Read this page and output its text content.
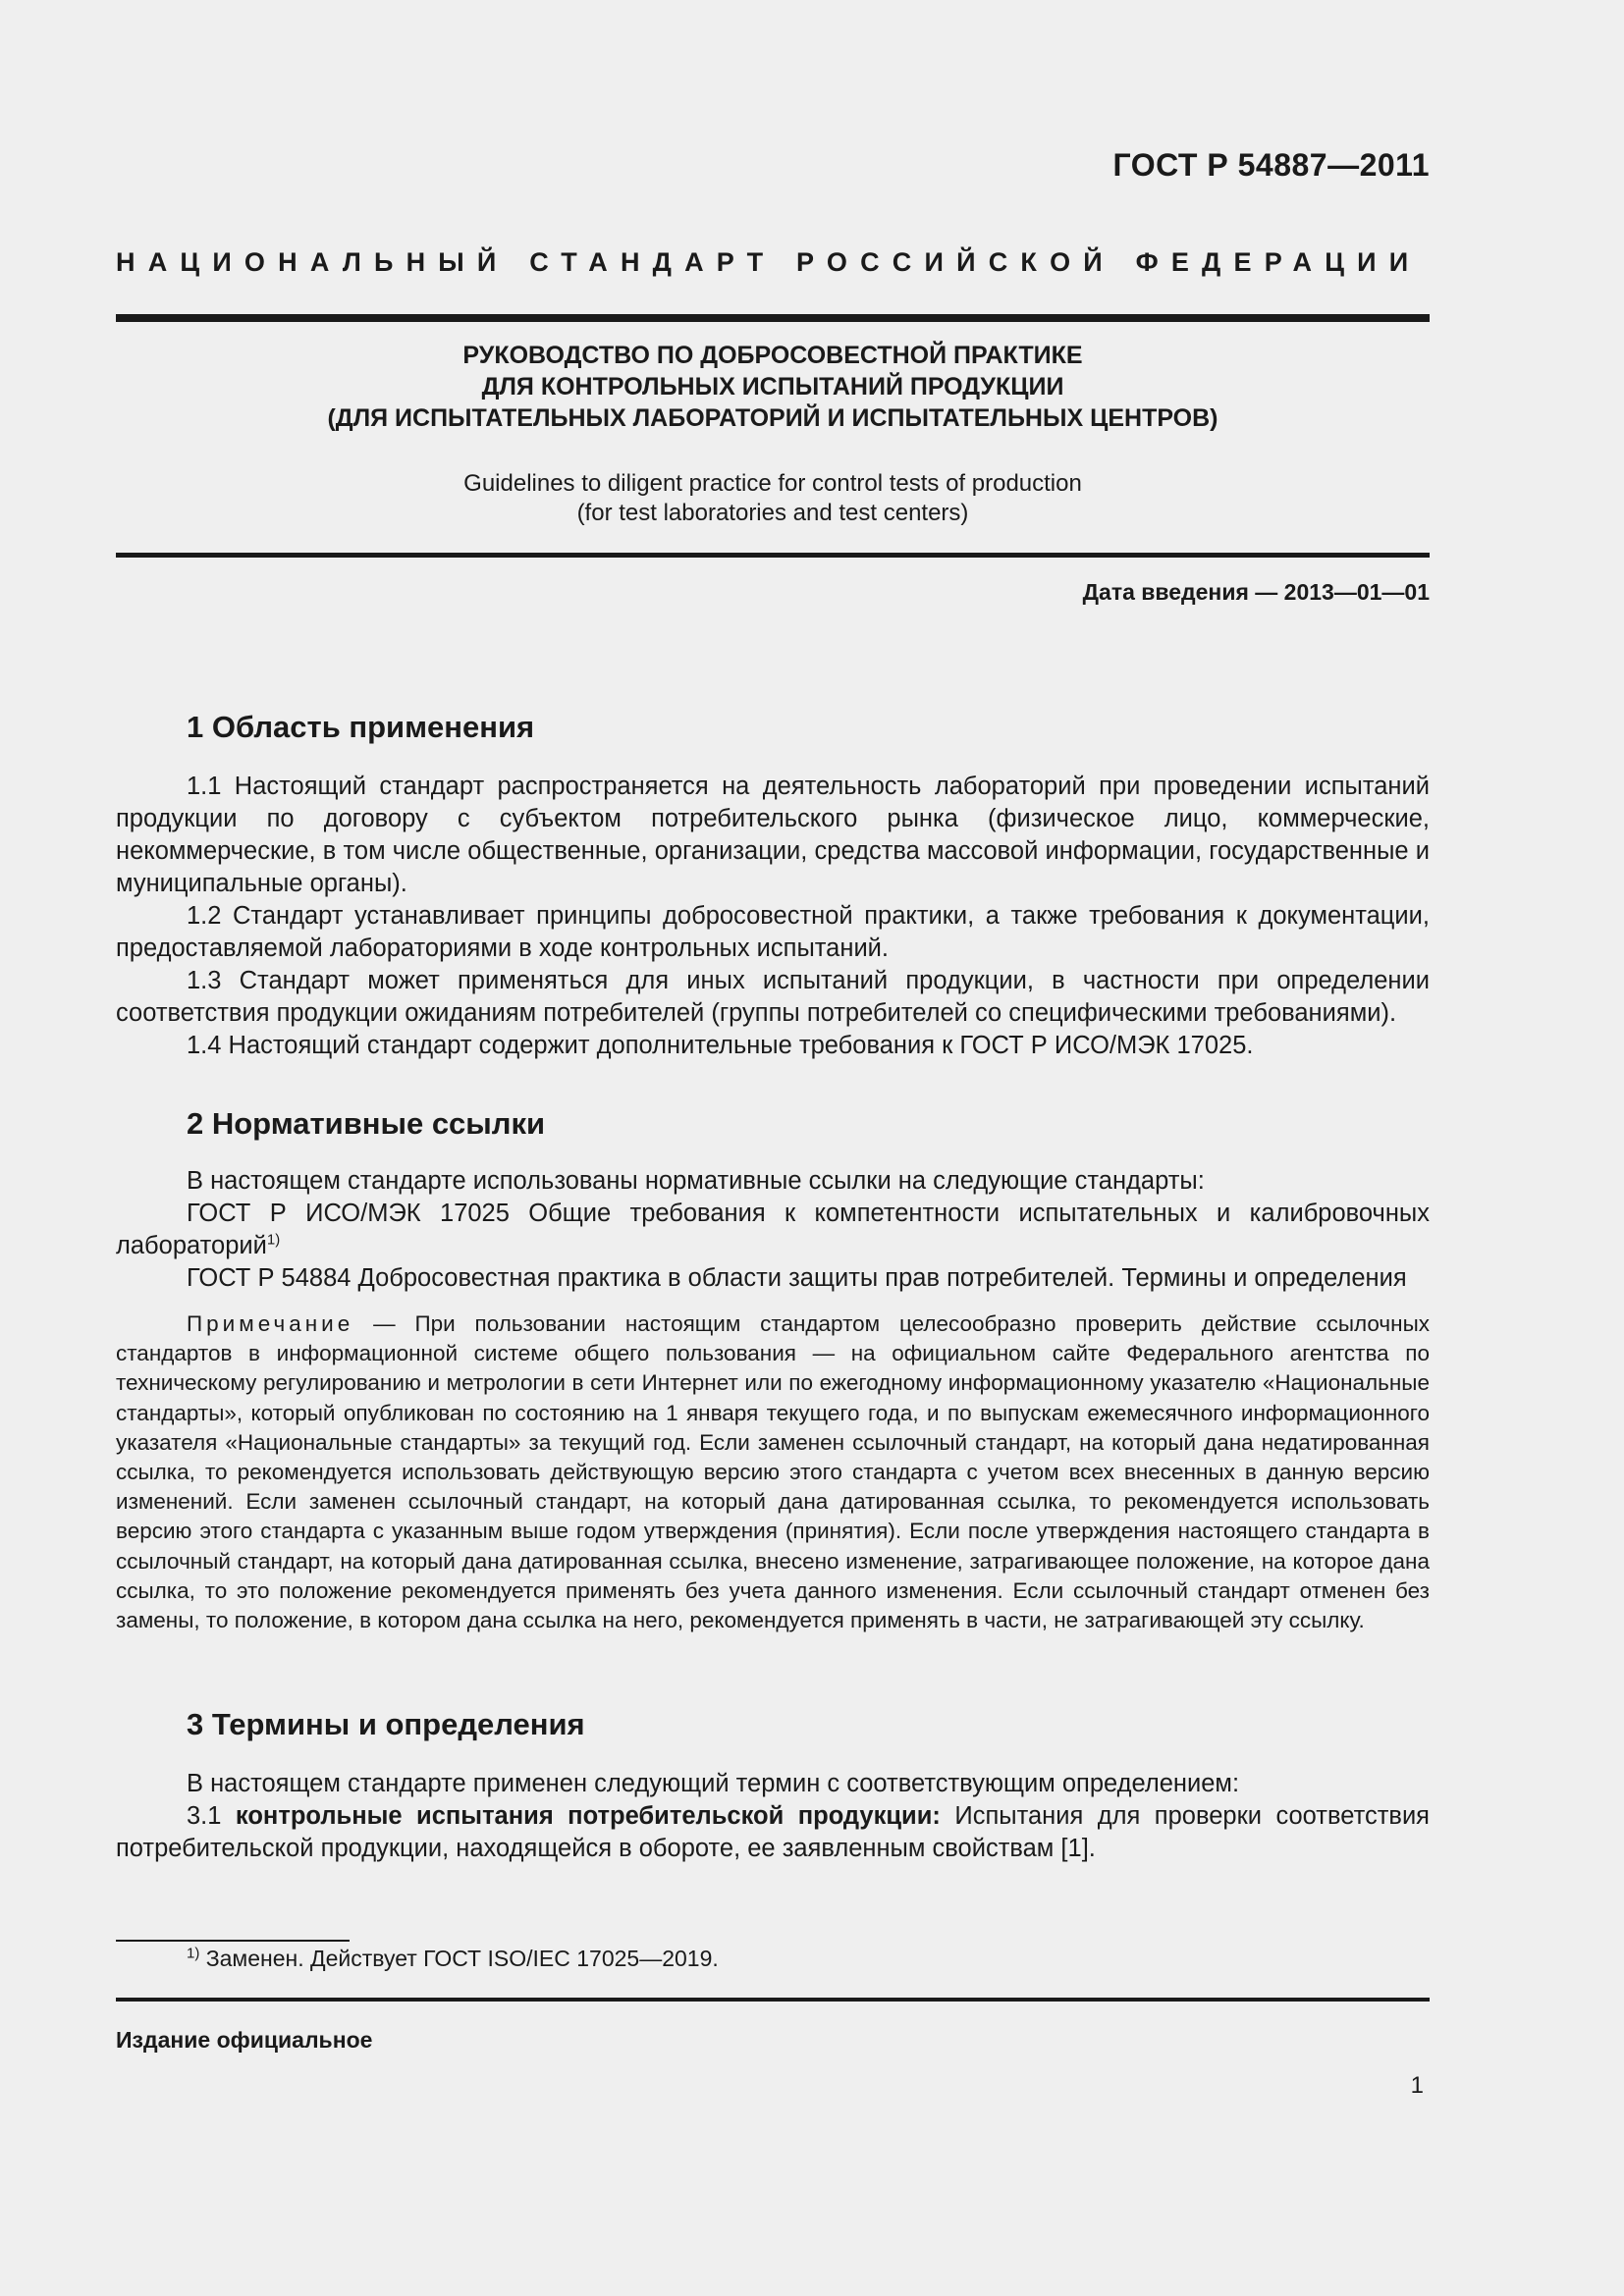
ГОСТ Р 54887—2011
НАЦИОНАЛЬНЫЙ СТАНДАРТ РОССИЙСКОЙ ФЕДЕРАЦИИ
РУКОВОДСТВО ПО ДОБРОСОВЕСТНОЙ ПРАКТИКЕ
ДЛЯ КОНТРОЛЬНЫХ ИСПЫТАНИЙ ПРОДУКЦИИ
(ДЛЯ ИСПЫТАТЕЛЬНЫХ ЛАБОРАТОРИЙ И ИСПЫТАТЕЛЬНЫХ ЦЕНТРОВ)
Guidelines to diligent practice for control tests of production
(for test laboratories and test centers)
Дата введения — 2013—01—01
1 Область применения

1.1 Настоящий стандарт распространяется на деятельность лабораторий при проведении испытаний продукции по договору с субъектом потребительского рынка (физическое лицо, коммерческие, некоммерческие, в том числе общественные, организации, средства массовой информации, государственные и муниципальные органы).

1.2 Стандарт устанавливает принципы добросовестной практики, а также требования к документации, предоставляемой лабораториями в ходе контрольных испытаний.

1.3 Стандарт может применяться для иных испытаний продукции, в частности при определении соответствия продукции ожиданиям потребителей (группы потребителей со специфическими требованиями).

1.4 Настоящий стандарт содержит дополнительные требования к ГОСТ Р ИСО/МЭК 17025.

2 Нормативные ссылки

В настоящем стандарте использованы нормативные ссылки на следующие стандарты:

ГОСТ Р ИСО/МЭК 17025 Общие требования к компетентности испытательных и калибровочных лабораторий$^{1)}$

ГОСТ Р 54884 Добросовестная практика в области защиты прав потребителей. Термины и определения

Примечание — При пользовании настоящим стандартом целесообразно проверить действие ссылочных стандартов в информационной системе общего пользования — на официальном сайте Федерального агентства по техническому регулированию и метрологии в сети Интернет или по ежегодному информационному указателю «Национальные стандарты», который опубликован по состоянию на 1 января текущего года, и по выпускам ежемесячного информационного указателя «Национальные стандарты» за текущий год. Если заменен ссылочный стандарт, на который дана недатированная ссылка, то рекомендуется использовать действующую версию этого стандарта с учетом всех внесенных в данную версию изменений. Если заменен ссылочный стандарт, на который дана датированная ссылка, то рекомендуется использовать версию этого стандарта с указанным выше годом утверждения (принятия). Если после утверждения настоящего стандарта в ссылочный стандарт, на который дана датированная ссылка, внесено изменение, затрагивающее положение, на которое дана ссылка, то это положение рекомендуется применять без учета данного изменения. Если ссылочный стандарт отменен без замены, то положение, в котором дана ссылка на него, рекомендуется применять в части, не затрагивающей эту ссылку.
3 Термины и определения

В настоящем стандарте применен следующий термин с соответствующим определением:

3.1 контрольные испытания потребительской продукции: Испытания для проверки соответствия потребительской продукции, находящейся в обороте, ее заявленным свойствам [1].

$^{1)}$ Заменен. Действует ГОСТ ISO/IEC 17025—2019.
Издание официальное
1
